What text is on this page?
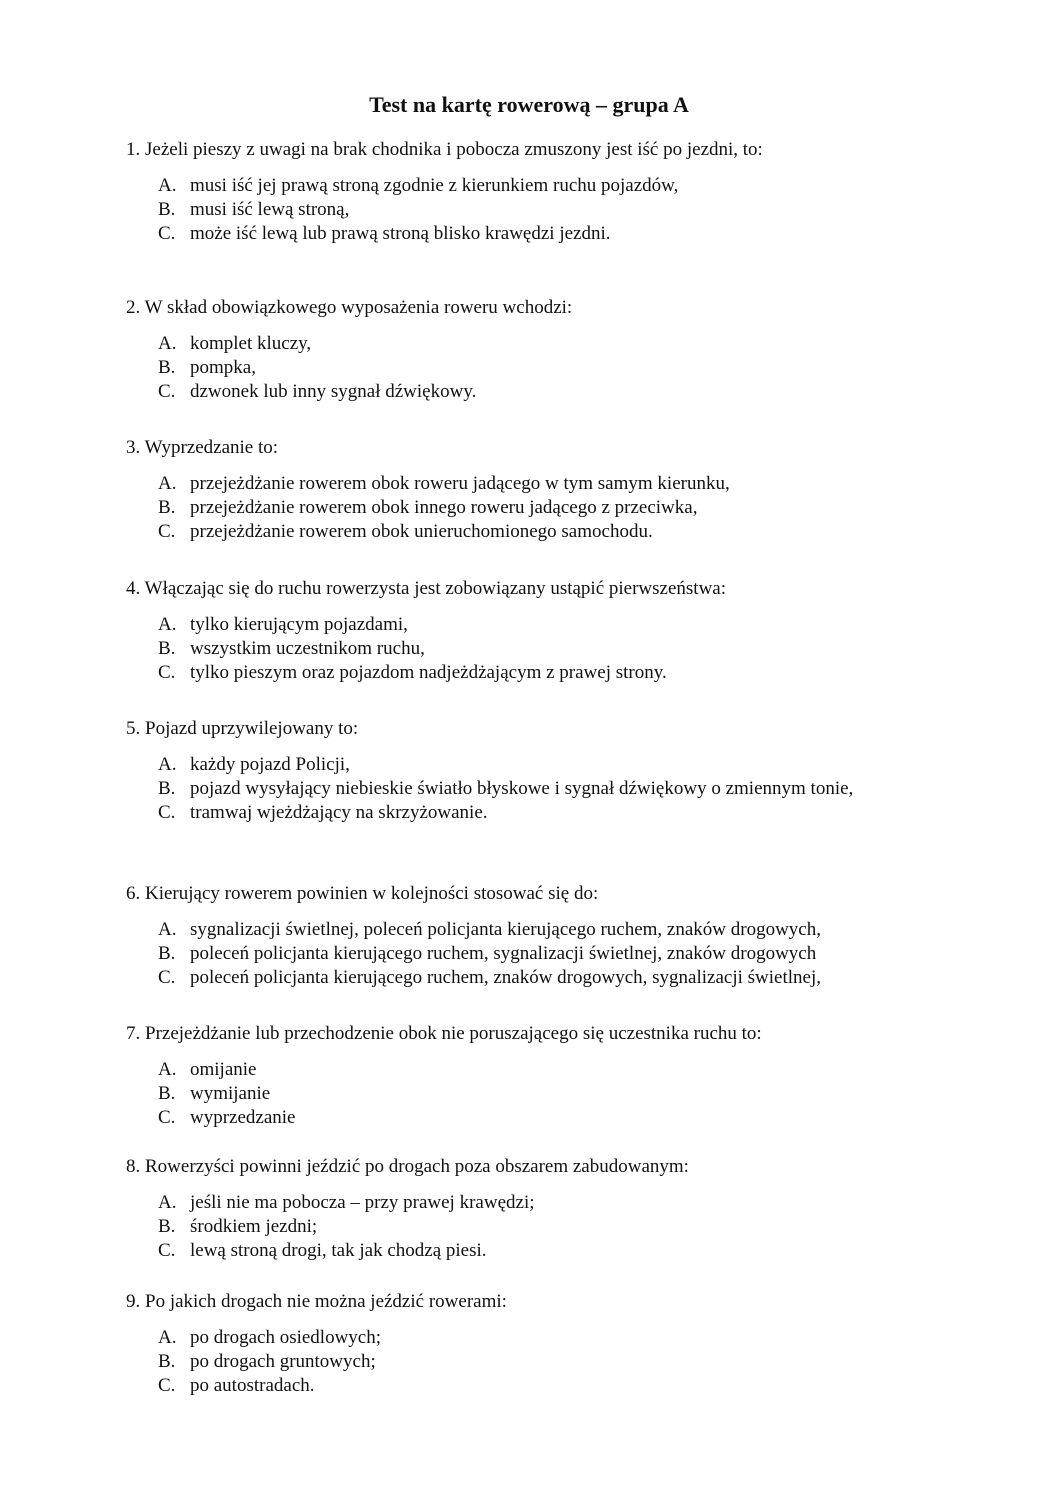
Test na kartę rowerową – grupa A

1. Jeżeli pieszy z uwagi na brak chodnika i pobocza zmuszony jest iść po jezdni, to:

A. musi iść jej prawą stroną zgodnie z kierunkiem ruchu pojazdów,
B. musi iść lewą stroną,
C. może iść lewą lub prawą stroną blisko krawędzi jezdni.

2. W skład obowiązkowego wyposażenia roweru wchodzi:

A. komplet kluczy,
B. pompka,
C. dzwonek lub inny sygnał dźwiękowy.

3. Wyprzedzanie to:

A. przejeżdżanie rowerem obok roweru jadącego w tym samym kierunku,
B. przejeżdżanie rowerem obok innego roweru jadącego z przeciwka,
C. przejeżdżanie rowerem obok unieruchomionego samochodu.

4. Włączając się do ruchu rowerzysta jest zobowiązany ustąpić pierwszeństwa:

A. tylko kierującym pojazdami,
B. wszystkim uczestnikom ruchu,
C. tylko pieszym oraz pojazdom nadjeżdżającym z prawej strony.

5. Pojazd uprzywilejowany to:

A. każdy pojazd Policji,
B. pojazd wysyłający niebieskie światło błyskowe i sygnał dźwiękowy o zmiennym tonie,
C. tramwaj wjeżdżający na skrzyżowanie.

6. Kierujący rowerem powinien w kolejności stosować się do:

A. sygnalizacji świetlnej, poleceń policjanta kierującego ruchem, znaków drogowych,
B. poleceń policjanta kierującego ruchem, sygnalizacji świetlnej, znaków drogowych
C. poleceń policjanta kierującego ruchem, znaków drogowych, sygnalizacji świetlnej,

7. Przejeżdżanie lub przechodzenie obok nie poruszającego się uczestnika ruchu to:

A. omijanie
B. wymijanie
C. wyprzedzanie

8. Rowerzyści powinni jeździć po drogach poza obszarem zabudowanym:

A. jeśli nie ma pobocza – przy prawej krawędzi;
B. środkiem jezdni;
C. lewą stroną drogi, tak jak chodzą piesi.

9. Po jakich drogach nie można jeździć rowerami:

A. po drogach osiedlowych;
B. po drogach gruntowych;
C. po autostradach.
